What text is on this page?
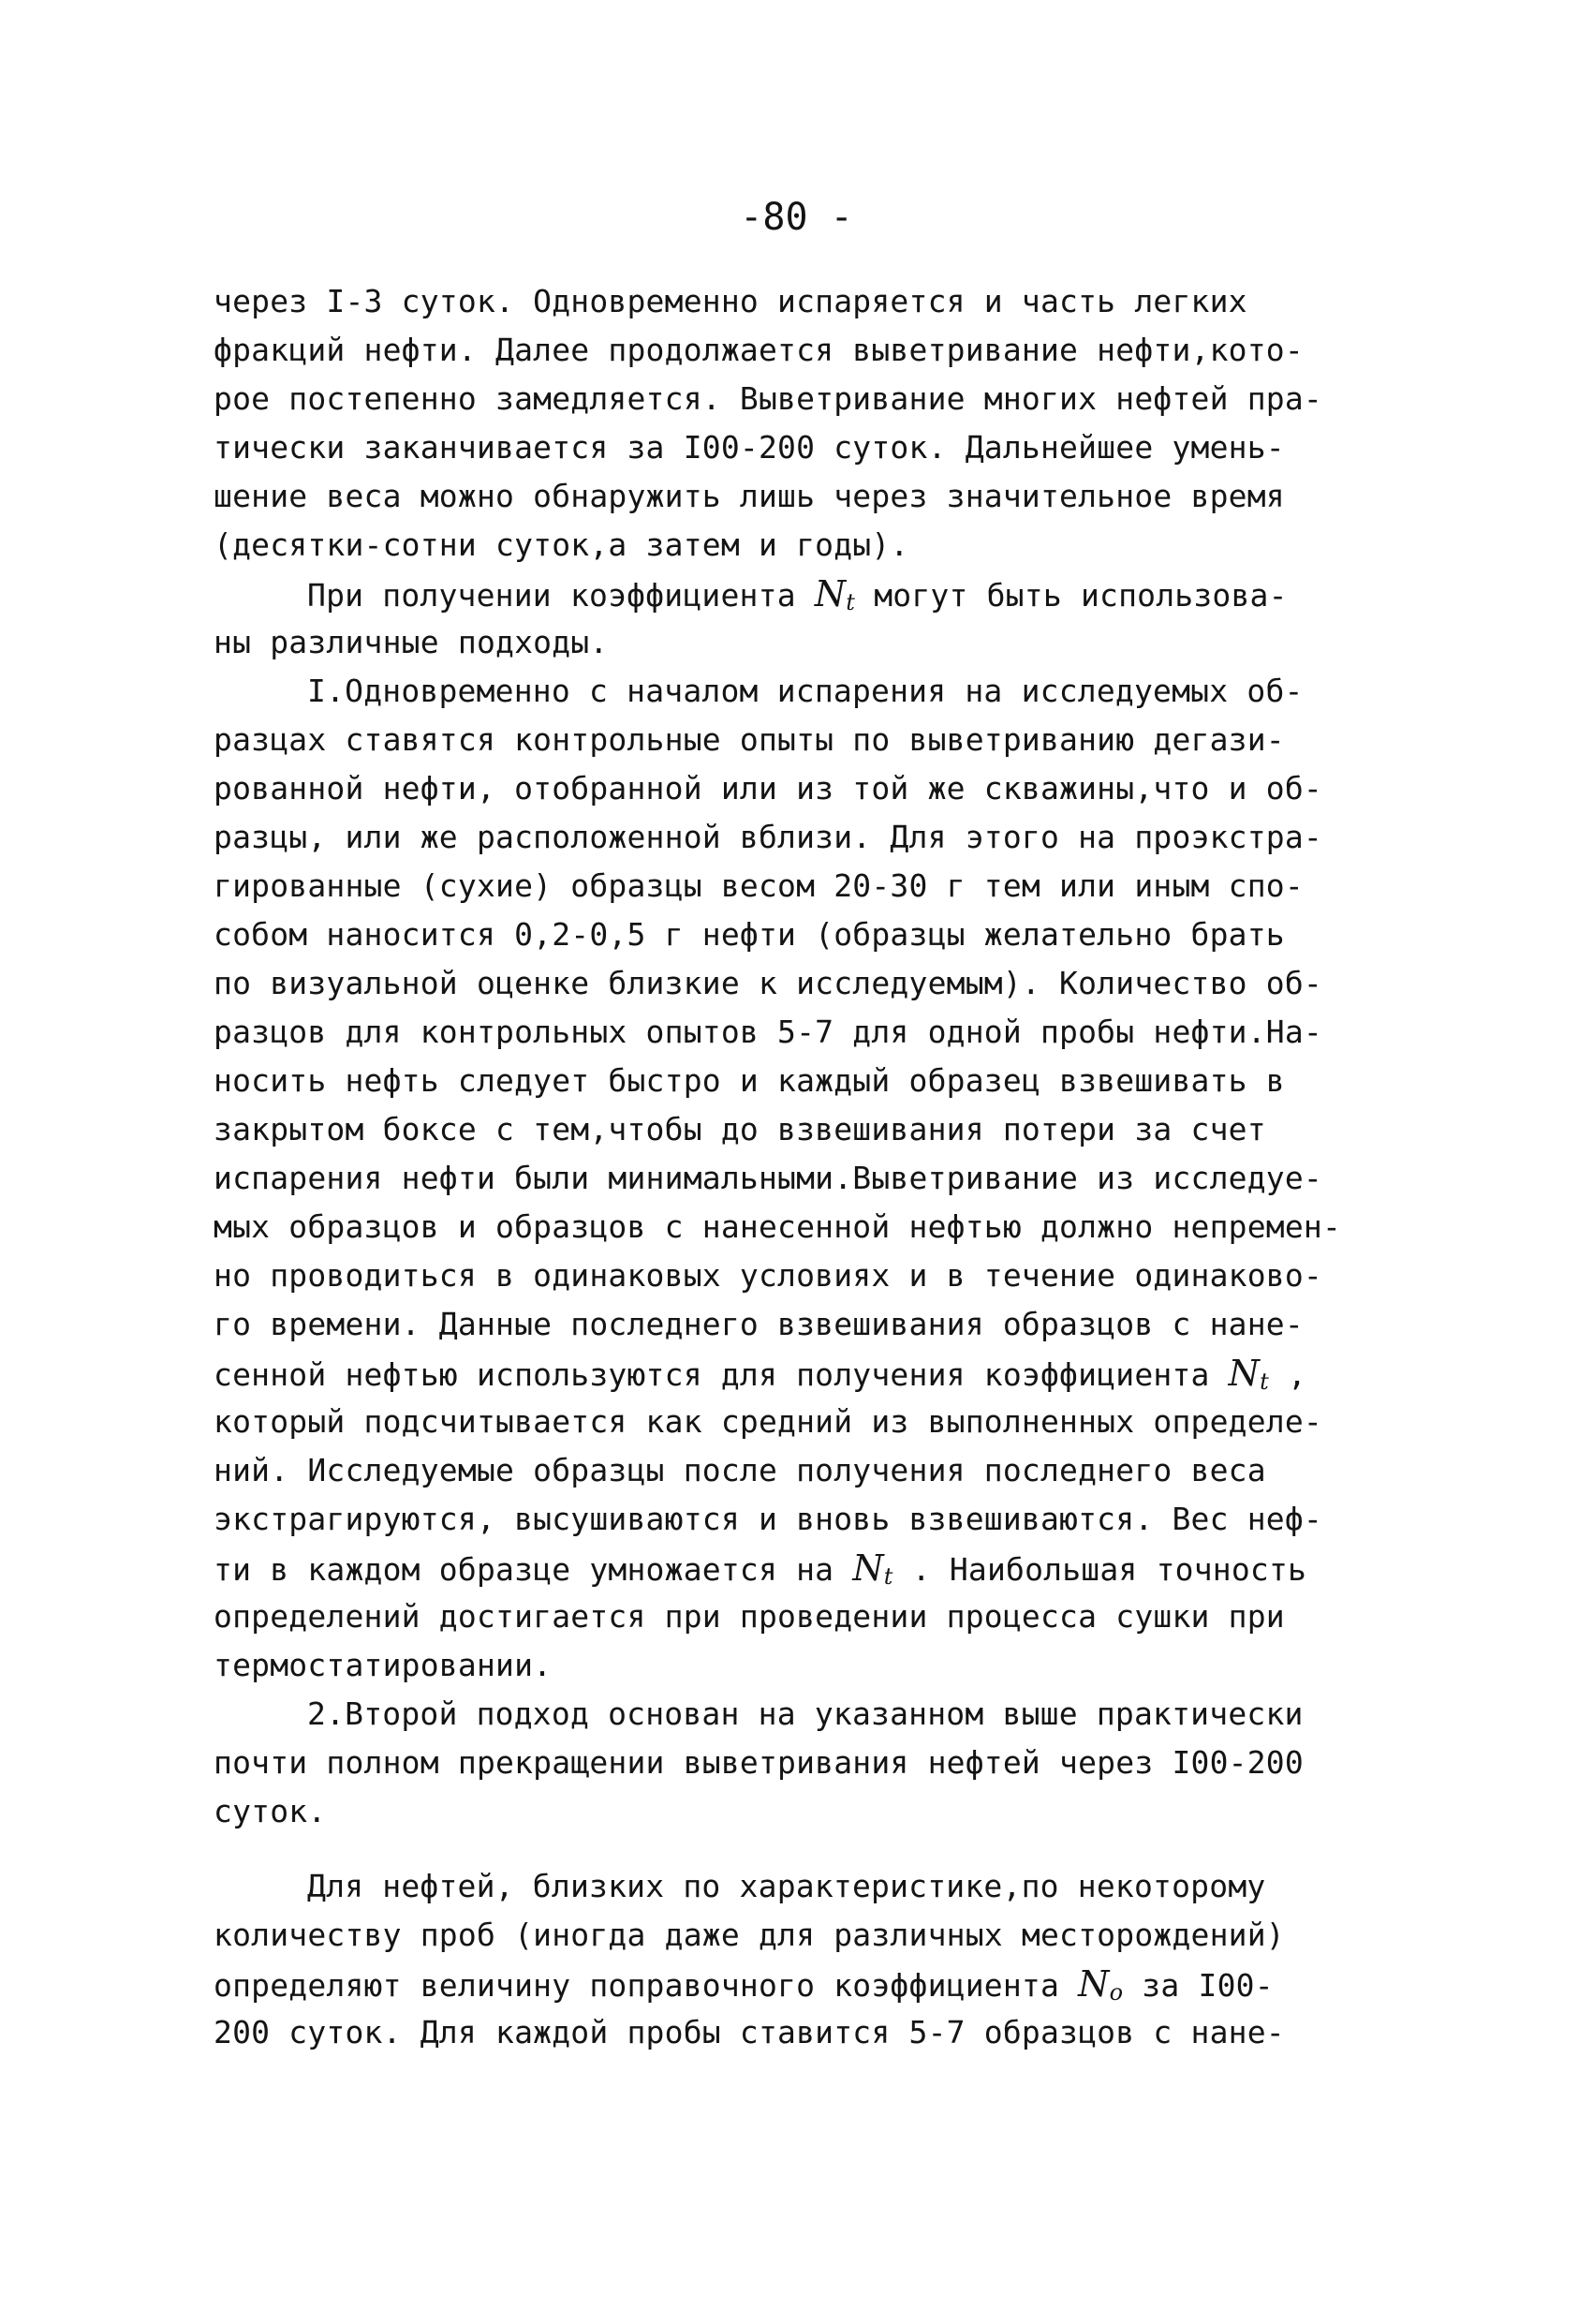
-80 -
через I-3 суток. Одновременно испаряется и часть легких
фракций нефти. Далее продолжается выветривание нефти,кото-
рое постепенно замедляется. Выветривание многих нефтей пра-
тически заканчивается за I00-200 суток. Дальнейшее умень-
шение веса можно обнаружить лишь через значительное время
(десятки-сотни суток,а затем и годы).
При получении коэффициента $N_t$ могут быть использова-
ны различные подходы.
I.Одновременно с началом испарения на исследуемых об-
разцах ставятся контрольные опыты по выветриванию дегази-
рованной нефти, отобранной или из той же скважины,что и об-
разцы, или же расположенной вблизи. Для этого на проэкстра-
гированные (сухие) образцы весом 20-30 г тем или иным спо-
собом наносится 0,2-0,5 г нефти (образцы желательно брать
по визуальной оценке близкие к исследуемым). Количество об-
разцов для контрольных опытов 5-7 для одной пробы нефти.На-
носить нефть следует быстро и каждый образец взвешивать в
закрытом боксе с тем,чтобы до взвешивания потери за счет
испарения нефти были минимальными.Выветривание из исследуе-
мых образцов и образцов с нанесенной нефтью должно непремен-
но проводиться в одинаковых условиях и в течение одинаково-
го времени. Данные последнего взвешивания образцов с нане-
сенной нефтью используются для получения коэффициента $N_t$ ,
который подсчитывается как средний из выполненных определе-
ний. Исследуемые образцы после получения последнего веса
экстрагируются, высушиваются и вновь взвешиваются. Вес неф-
ти в каждом образце умножается на $N_t$ . Наибольшая точность
определений достигается при проведении процесса сушки при
термостатировании.
2.Второй подход основан на указанном выше практически
почти полном прекращении выветривания нефтей через I00-200
суток.
Для нефтей, близких по характеристике,по некоторому
количеству проб (иногда даже для различных месторождений)
определяют величину поправочного коэффициента $N_o$ за I00-
200 суток. Для каждой пробы ставится 5-7 образцов с нане-
